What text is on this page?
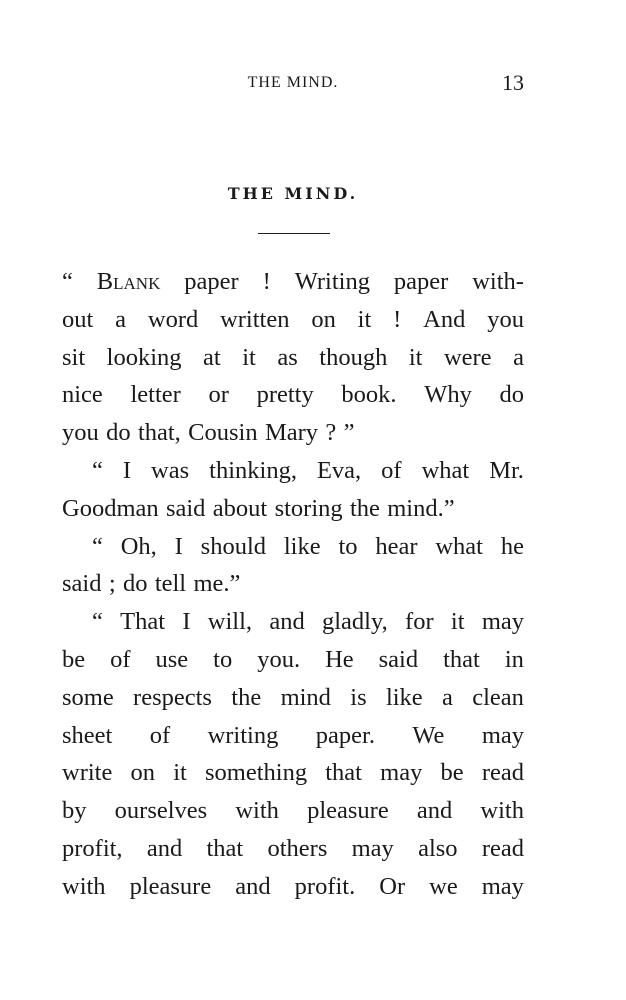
THE MIND.	13
THE MIND.
“ Blank paper ! Writing paper with-
out a word written on it ! And you
sit looking at it as though it were a
nice letter or pretty book. Why do
you do that, Cousin Mary ? ”
“ I was thinking, Eva, of what Mr.
Goodman said about storing the mind.”
“ Oh, I should like to hear what he
said ; do tell me.”
“ That I will, and gladly, for it may
be of use to you. He said that in
some respects the mind is like a clean
sheet of writing paper. We may
write on it something that may be read
by ourselves with pleasure and with
profit, and that others may also read
with pleasure and profit. Or we may
